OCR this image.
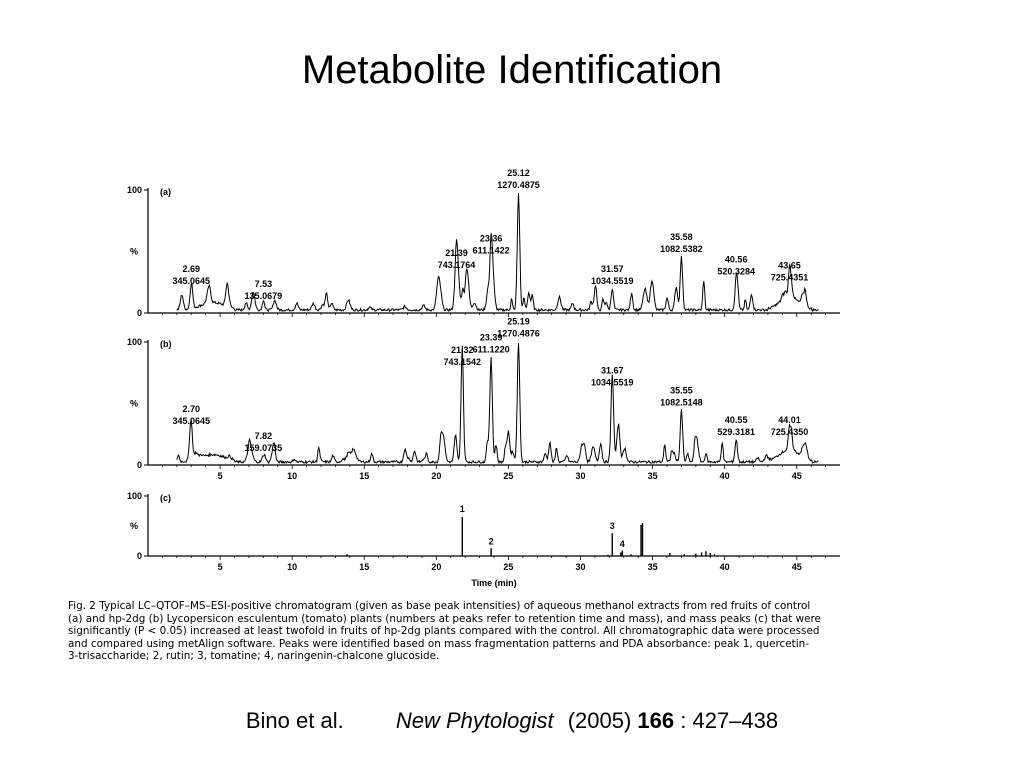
Metabolite Identification
0
100
%
(a)
2.69
345.0645	7.53
135.0679
21.39
743.1764
23.36
611.1422
25.12
1270.4875
31.57
1034.5519
35.58
1082.5382
40.56
520.3284
43.65
725.4351
0
100
%
(b)
5	10	15	20	25	30	35	40	45
2.70
345.0645
7.82
159.0735
21.32
743.1542
23.39
611.1220
25.19
1270.4876
31.67
1034.5519
35.55
1082.5148
40.55
529.3181
44.01
725.4350
0
100
%
(c)
5	10	15	20	25	30	35	40	45
Time (min)
1
2
3
4

Fig. 2 Typical LC–QTOF–MS–ESI-positive chromatogram (given as base peak intensities) of aqueous methanol extracts from red fruits of control

(a) and hp-2dg (b) Lycopersicon esculentum (tomato) plants (numbers at peaks refer to retention time and mass), and mass peaks (c) that were

significantly (P < 0.05) increased at least twofold in fruits of hp-2dg plants compared with the control. All chromatographic data were processed

and compared using metAlign software. Peaks were identified based on mass fragmentation patterns and PDA absorbance: peak 1, quercetin-

3-trisaccharide; 2, rutin; 3, tomatine; 4, naringenin-chalcone glucoside.

Bino et al. New Phytologist (2005) 166 : 427–438
